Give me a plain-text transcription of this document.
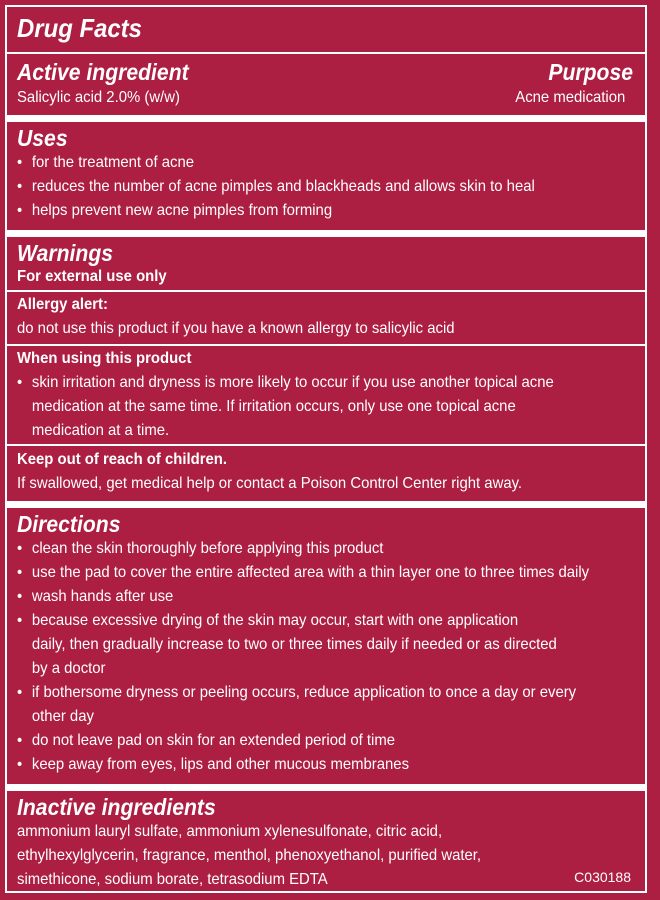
Drug Facts
Active ingredient	Purpose
Salicylic acid 2.0% (w/w)	Acne medication
Uses
• for the treatment of acne
• reduces the number of acne pimples and blackheads and allows skin to heal
• helps prevent new acne pimples from forming
Warnings
For external use only
Allergy alert:
do not use this product if you have a known allergy to salicylic acid
When using this product
• skin irritation and dryness is more likely to occur if you use another topical acne
medication at the same time. If irritation occurs, only use one topical acne
medication at a time.
Keep out of reach of children.
If swallowed, get medical help or contact a Poison Control Center right away.
Directions
• clean the skin thoroughly before applying this product
• use the pad to cover the entire affected area with a thin layer one to three times daily
• wash hands after use
• because excessive drying of the skin may occur, start with one application
daily, then gradually increase to two or three times daily if needed or as directed
by a doctor
• if bothersome dryness or peeling occurs, reduce application to once a day or every
other day
• do not leave pad on skin for an extended period of time
• keep away from eyes, lips and other mucous membranes
Inactive ingredients
ammonium lauryl sulfate, ammonium xylenesulfonate, citric acid,
ethylhexylglycerin, fragrance, menthol, phenoxyethanol, purified water,
simethicone, sodium borate, tetrasodium EDTA	C030188
